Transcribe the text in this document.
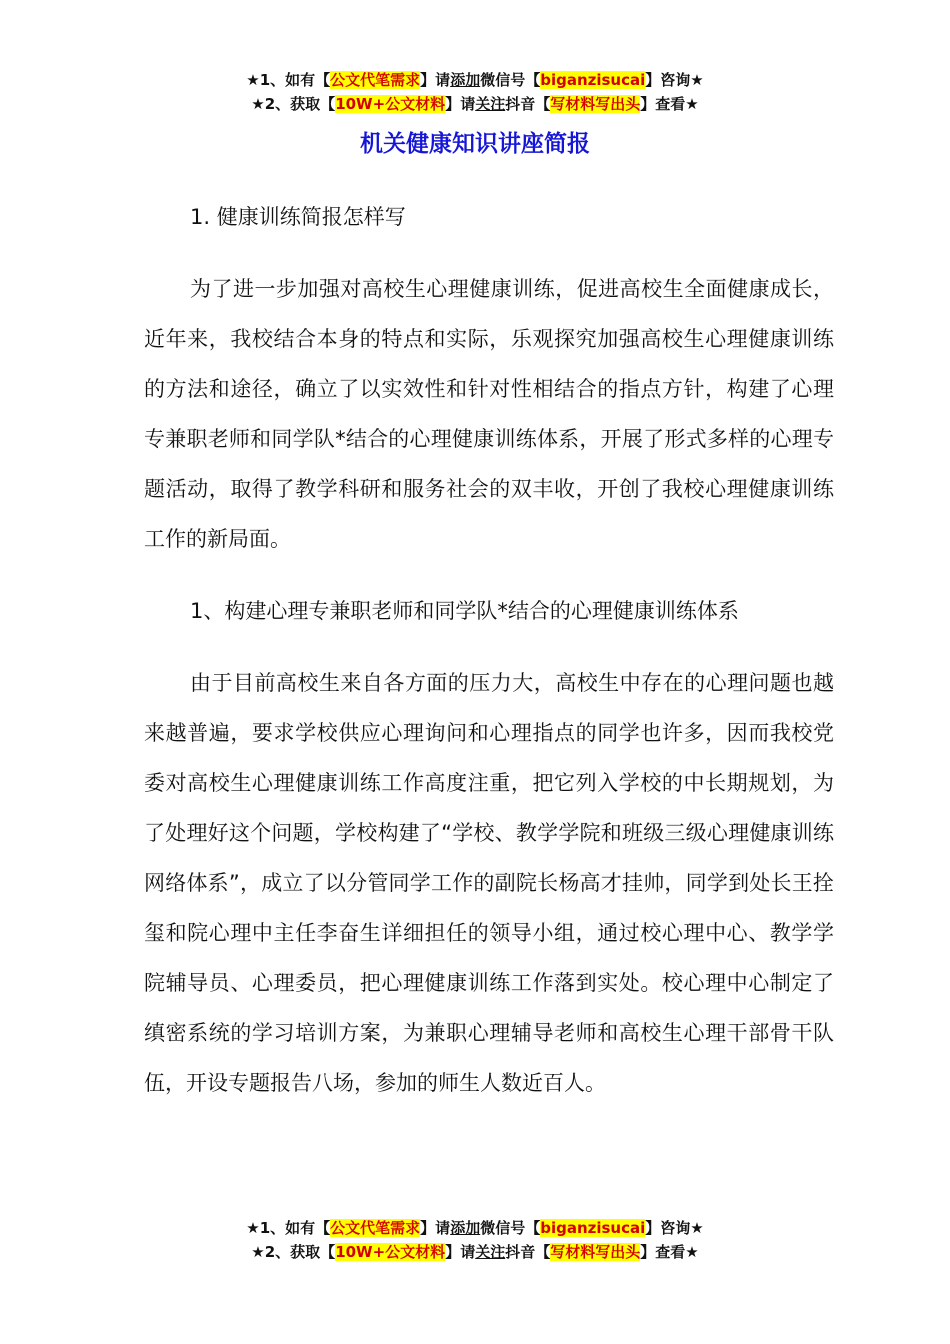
★1、如有【公文代笔需求】请添加微信号【biganzisucai】咨询★
★2、获取【10W+公文材料】请关注抖音【写材料写出头】查看★
机关健康知识讲座简报

1. 健康训练简报怎样写

为了进一步加强对高校生心理健康训练，促进高校生全面健康成长，近年来，我校结合本身的特点和实际，乐观探究加强高校生心理健康训练的方法和途径，确立了以实效性和针对性相结合的指点方针，构建了心理专兼职老师和同学队*结合的心理健康训练体系，开展了形式多样的心理专题活动，取得了教学科研和服务社会的双丰收，开创了我校心理健康训练工作的新局面。

1、构建心理专兼职老师和同学队*结合的心理健康训练体系

由于目前高校生来自各方面的压力大，高校生中存在的心理问题也越来越普遍，要求学校供应心理询问和心理指点的同学也许多，因而我校党委对高校生心理健康训练工作高度注重，把它列入学校的中长期规划，为了处理好这个问题，学校构建了“学校、教学学院和班级三级心理健康训练网络体系”，成立了以分管同学工作的副院长杨高才挂帅，同学到处长王拴玺和院心理中主任李奋生详细担任的领导小组，通过校心理中心、教学学院辅导员、心理委员，把心理健康训练工作落到实处。校心理中心制定了缜密系统的学习培训方案，为兼职心理辅导老师和高校生心理干部骨干队伍，开设专题报告八场，参加的师生人数近百人。

★1、如有【公文代笔需求】请添加微信号【biganzisucai】咨询★
★2、获取【10W+公文材料】请关注抖音【写材料写出头】查看★
